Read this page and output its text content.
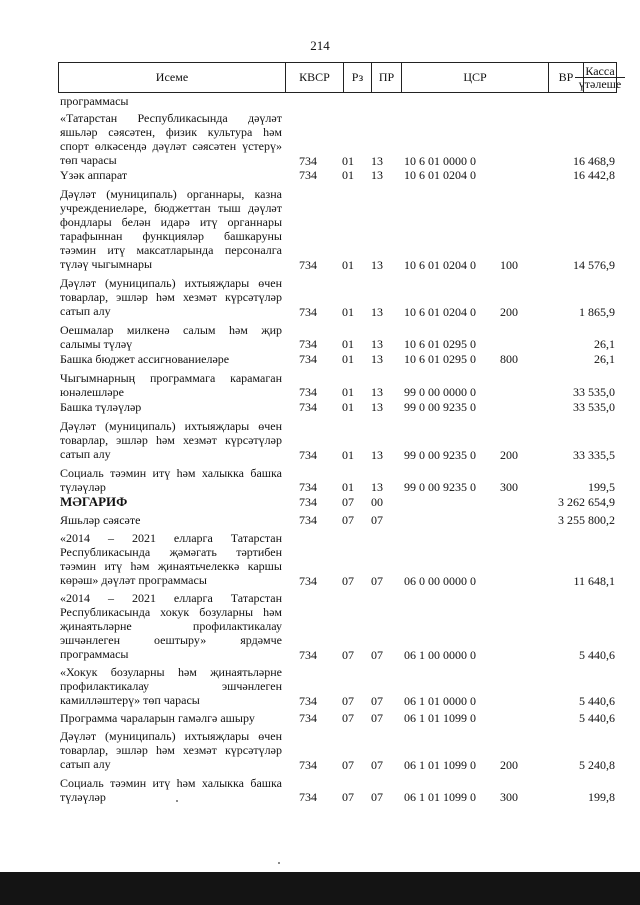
214
Исеме	КВСР	Рз	ПР	ЦСР	ВР	Касса
үтәлеше
программасы
«Татарстан Республикасында дәүләт яшьләр сәясәтен, физик культура һәм спорт өлкәсендә дәүләт сәясәтен үстерү» төп чарасы	734 01 13 10 6 01 0000 0	16 468,9
Үзәк аппарат	734 01 13 10 6 01 0204 0	16 442,8
Дәүләт (муниципаль) органнары, казна учреждениеләре, бюджеттан тыш дәүләт фондлары белән идарә итү органнары тарафыннан функцияләр башкаруны тәэмин итү максатларында персоналга түләү чыгымнары	734 01 13 10 6 01 0204 0 100	14 576,9
Дәүләт (муниципаль) ихтыяҗлары өчен товарлар, эшләр һәм хезмәт күрсәтүләр сатып алу	734 01 13 10 6 01 0204 0 200	1 865,9
Оешмалар милкенә салым һәм җир салымы түләү	734 01 13 10 6 01 0295 0	26,1
Башка бюджет ассигнованиеләре	734 01 13 10 6 01 0295 0 800	26,1
Чыгымнарның программага карамаган юнәлешләре	734 01 13 99 0 00 0000 0	33 535,0
Башка түләүләр	734 01 13 99 0 00 9235 0	33 535,0
Дәүләт (муниципаль) ихтыяҗлары өчен товарлар, эшләр һәм хезмәт күрсәтүләр сатып алу	734 01 13 99 0 00 9235 0 200	33 335,5
Социаль тәэмин итү һәм халыкка башка түләүләр	734 01 13 99 0 00 9235 0 300	199,5
МӘГАРИФ	734 07 00	3 262 654,9
Яшьләр сәясәте	734 07 07	3 255 800,2
«2014 – 2021 елларга Татарстан Республикасында җәмәгать тәртибен тәэмин итү һәм җинаятьчелеккә каршы көрәш» дәүләт программасы	734 07 07 06 0 00 0000 0	11 648,1
«2014 – 2021 елларга Татарстан Республикасында хокук бозуларны һәм җинаятьләрне профилактикалау эшчәнлеген оештыру» ярдәмче программасы	734 07 07 06 1 00 0000 0	5 440,6
«Хокук бозуларны һәм җинаятьләрне профилактикалау эшчәнлеген камилләштерү» төп чарасы	734 07 07 06 1 01 0000 0	5 440,6
Программа чараларын гамәлгә ашыру	734 07 07 06 1 01 1099 0	5 440,6
Дәүләт (муниципаль) ихтыяҗлары өчен товарлар, эшләр һәм хезмәт күрсәтүләр сатып алу	734 07 07 06 1 01 1099 0 200	5 240,8
Социаль тәэмин итү һәм халыкка башка түләүләр	734 07 07 06 1 01 1099 0 300	199,8
